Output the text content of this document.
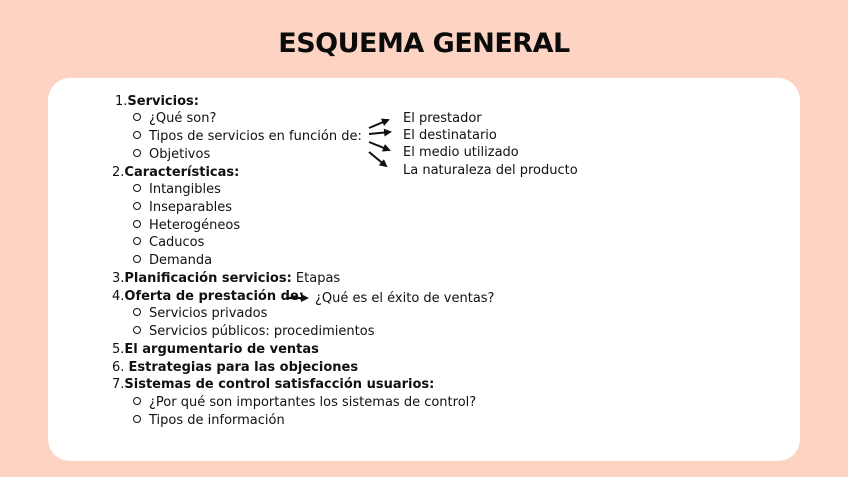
ESQUEMA GENERAL
1.Servicios:
¿Qué son?
Tipos de servicios en función de:
Objetivos
El prestador
El destinatario
El medio utilizado
La naturaleza del producto
2.Características:
Intangibles
Inseparables
Heterogéneos
Caducos
Demanda
3.Planificación servicios: Etapas
4.Oferta de prestación de: ¿Qué es el éxito de ventas?
Servicios privados
Servicios públicos: procedimientos
5.El argumentario de ventas
6. Estrategias para las objeciones
7.Sistemas de control satisfacción usuarios:
¿Por qué son importantes los sistemas de control?
Tipos de información
